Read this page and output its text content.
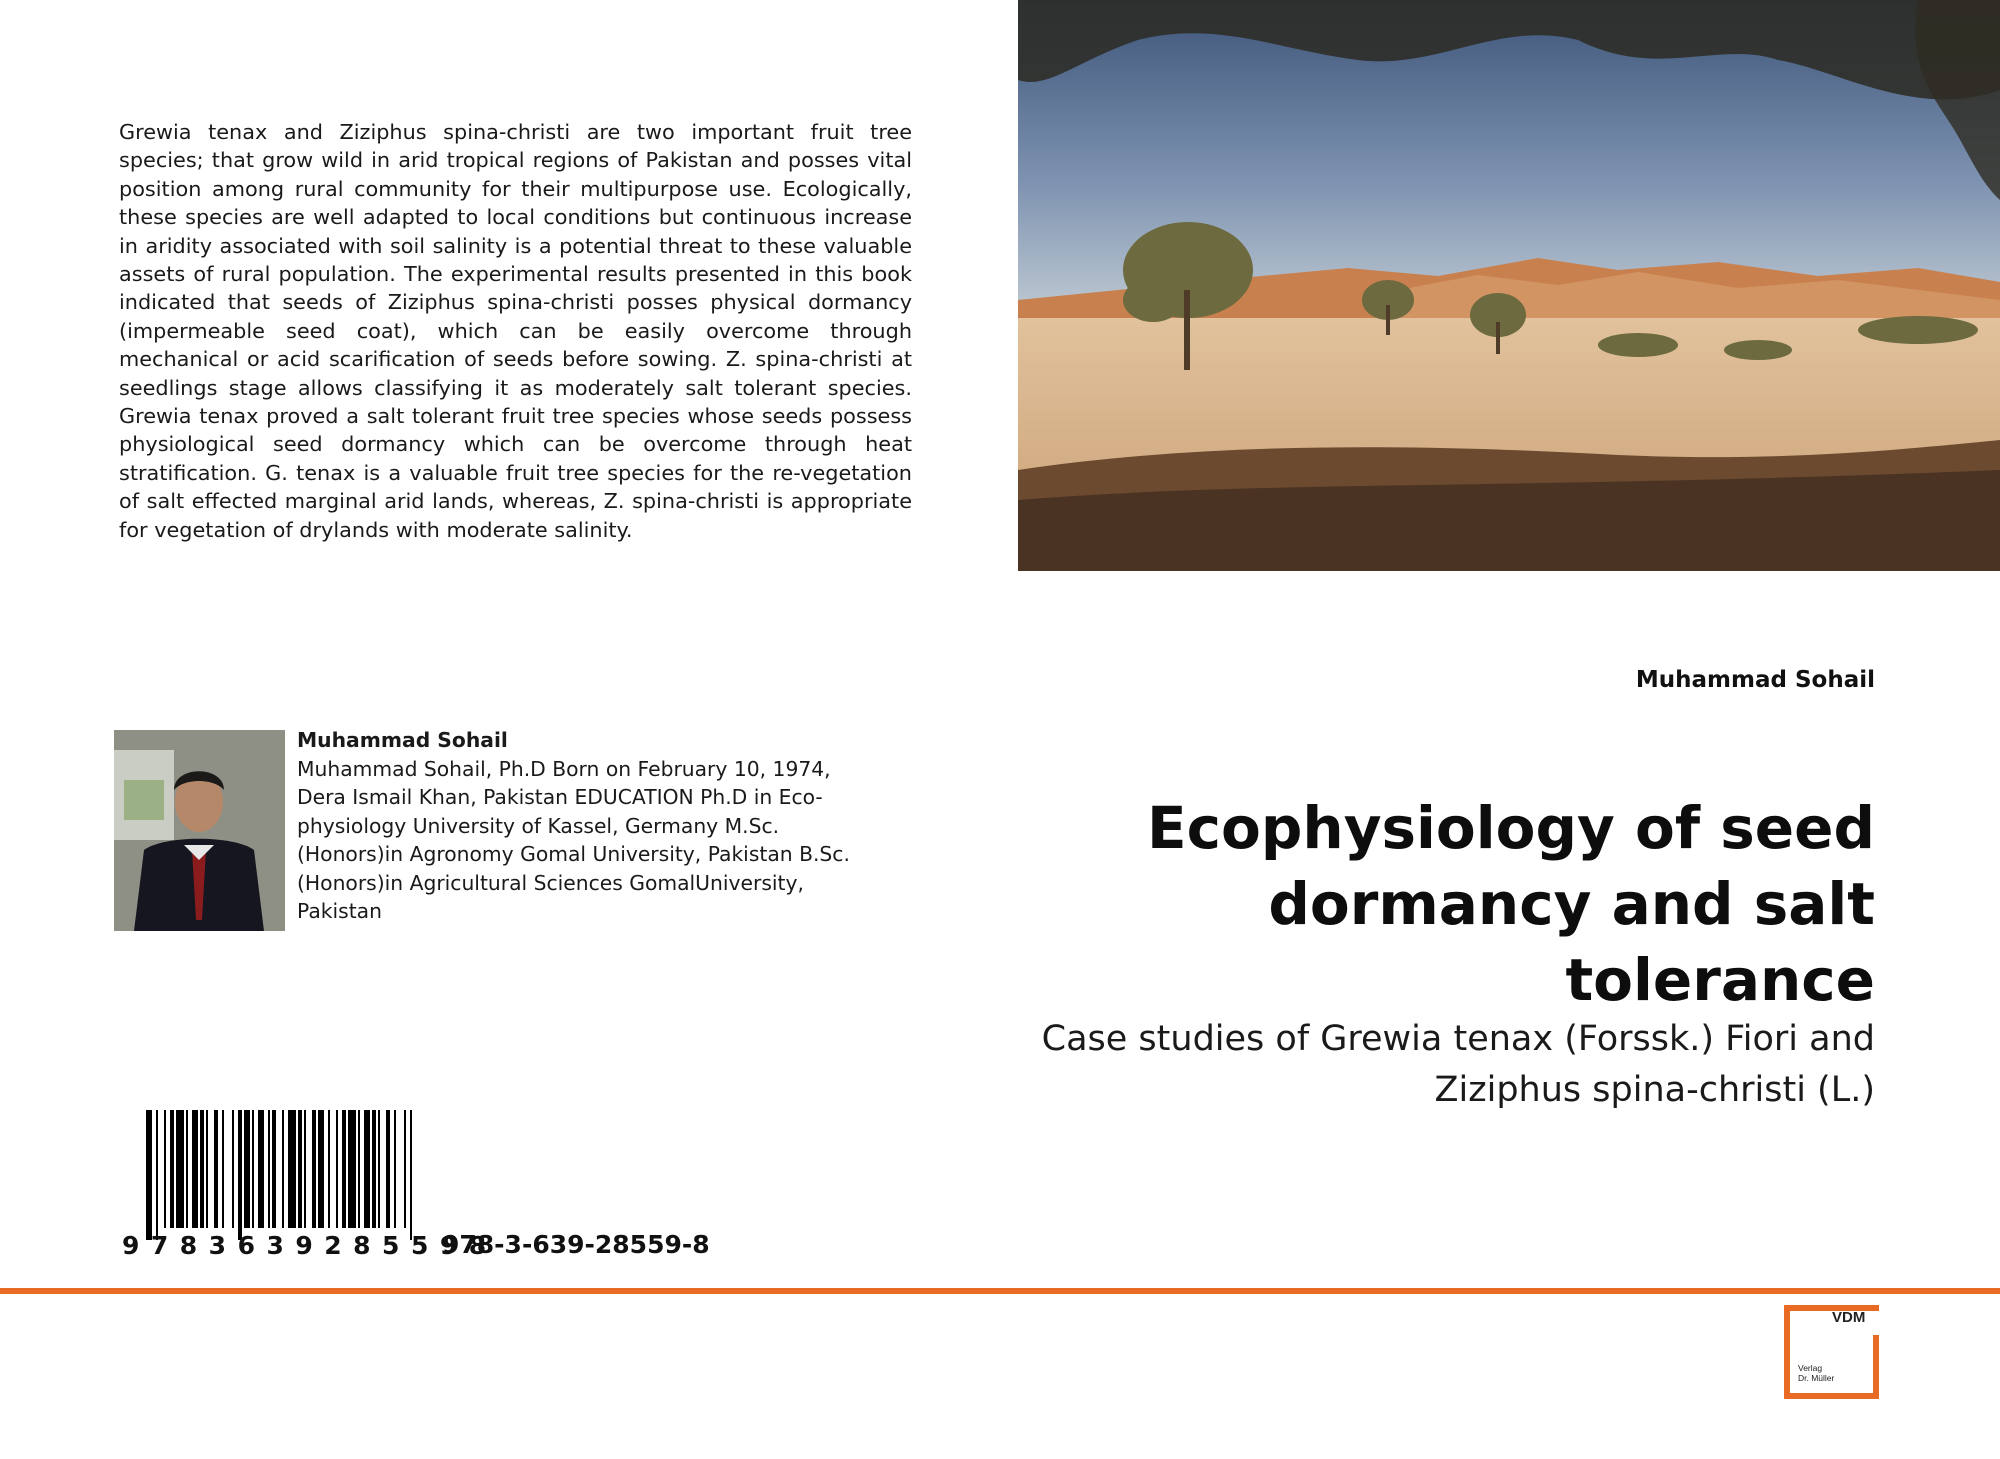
Grewia tenax and Ziziphus spina-christi are two important fruit tree species; that grow wild in arid tropical regions of Pakistan and posses vital position among rural community for their multipurpose use. Ecologically, these species are well adapted to local conditions but continuous increase in aridity associated with soil salinity is a potential threat to these valuable assets of rural population. The experimental results presented in this book indicated that seeds of Ziziphus spina-christi posses physical dormancy (impermeable seed coat), which can be easily overcome through mechanical or acid scarification of seeds before sowing. Z. spina-christi at seedlings stage allows classifying it as moderately salt tolerant species. Grewia tenax proved a salt tolerant fruit tree species whose seeds possess physiological seed dormancy which can be overcome through heat stratification. G. tenax is a valuable fruit tree species for the re-vegetation of salt effected marginal arid lands, whereas, Z. spina-christi is appropriate for vegetation of drylands with moderate salinity.
Muhammad Sohail
Muhammad Sohail
Muhammad Sohail, Ph.D Born on February 10, 1974, Dera Ismail Khan, Pakistan EDUCATION Ph.D in Eco-physiology University of Kassel, Germany M.Sc. (Honors)in Agronomy Gomal University, Pakistan B.Sc. (Honors)in Agricultural Sciences GomalUniversity, Pakistan
Ecophysiology of seed dormancy and salt tolerance
Case studies of Grewia tenax (Forssk.) Fiori and Ziziphus spina-christi (L.)
9783639285598
978-3-639-28559-8
VDM
Verlag
Dr. Müller
